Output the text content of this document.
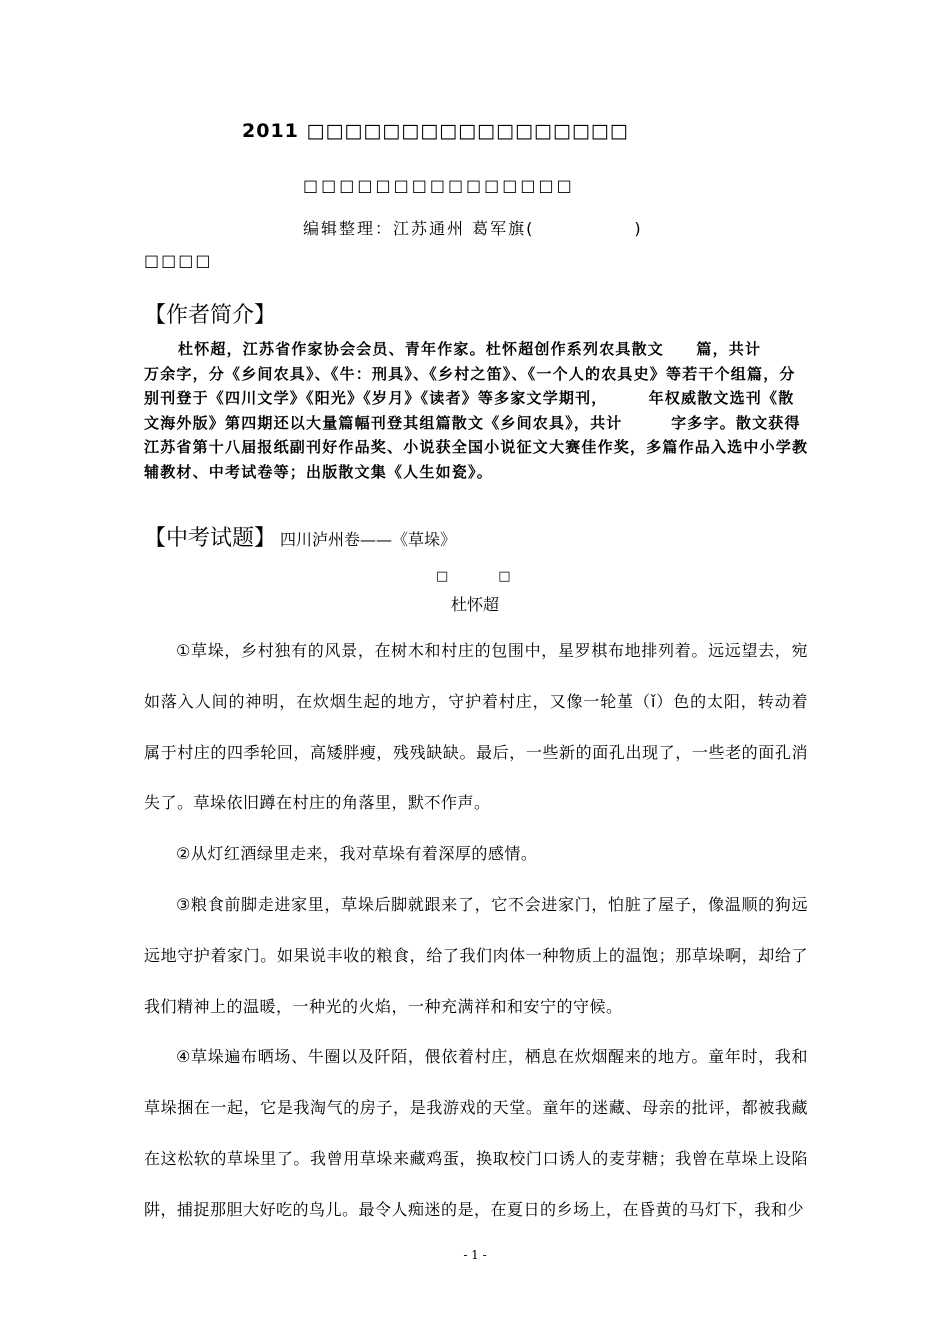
2011 □□□□□□□□□□□□□□□□□
□□□□□□□□□□□□□□□
编辑整理：江苏通州 葛军旗(	)
□□□□
【作者简介】

杜怀超，江苏省作家协会会员、青年作家。杜怀超创作系列农具散文　　篇，共计　　万余字，分《乡间农具》、《牛：刑具》、《乡村之笛》、《一个人的农具史》等若干个组篇，分别刊登于《四川文学》《阳光》《岁月》《读者》等多家文学期刊，　　　年权威散文选刊《散文海外版》第四期还以大量篇幅刊登其组篇散文《乡间农具》，共计　　　字多字。散文获得江苏省第十八届报纸副刊好作品奖、小说获全国小说征文大赛佳作奖，多篇作品入选中小学教辅教材、中考试卷等；出版散文集《人生如瓷》。

【中考试题】 四川泸州卷——《草垛》
□	□
杜怀超

①草垛，乡村独有的风景，在树木和村庄的包围中，星罗棋布地排列着。远远望去，宛如落入人间的神明，在炊烟生起的地方，守护着村庄，又像一轮堇（ǐ）色的太阳，转动着属于村庄的四季轮回，高矮胖瘦，残残缺缺。最后，一些新的面孔出现了，一些老的面孔消失了。草垛依旧蹲在村庄的角落里，默不作声。

②从灯红酒绿里走来，我对草垛有着深厚的感情。

③粮食前脚走进家里，草垛后脚就跟来了，它不会进家门，怕脏了屋子，像温顺的狗远远地守护着家门。如果说丰收的粮食，给了我们肉体一种物质上的温饱；那草垛啊，却给了我们精神上的温暖，一种光的火焰，一种充满祥和和安宁的守候。

④草垛遍布晒场、牛圈以及阡陌，偎依着村庄，栖息在炊烟醒来的地方。童年时，我和草垛捆在一起，它是我淘气的房子，是我游戏的天堂。童年的迷藏、母亲的批评，都被我藏在这松软的草垛里了。我曾用草垛来藏鸡蛋，换取校门口诱人的麦芽糖；我曾在草垛上设陷阱，捕捉那胆大好吃的鸟儿。最令人痴迷的是，在夏日的乡场上，在昏黄的马灯下，我和少

- 1 -
